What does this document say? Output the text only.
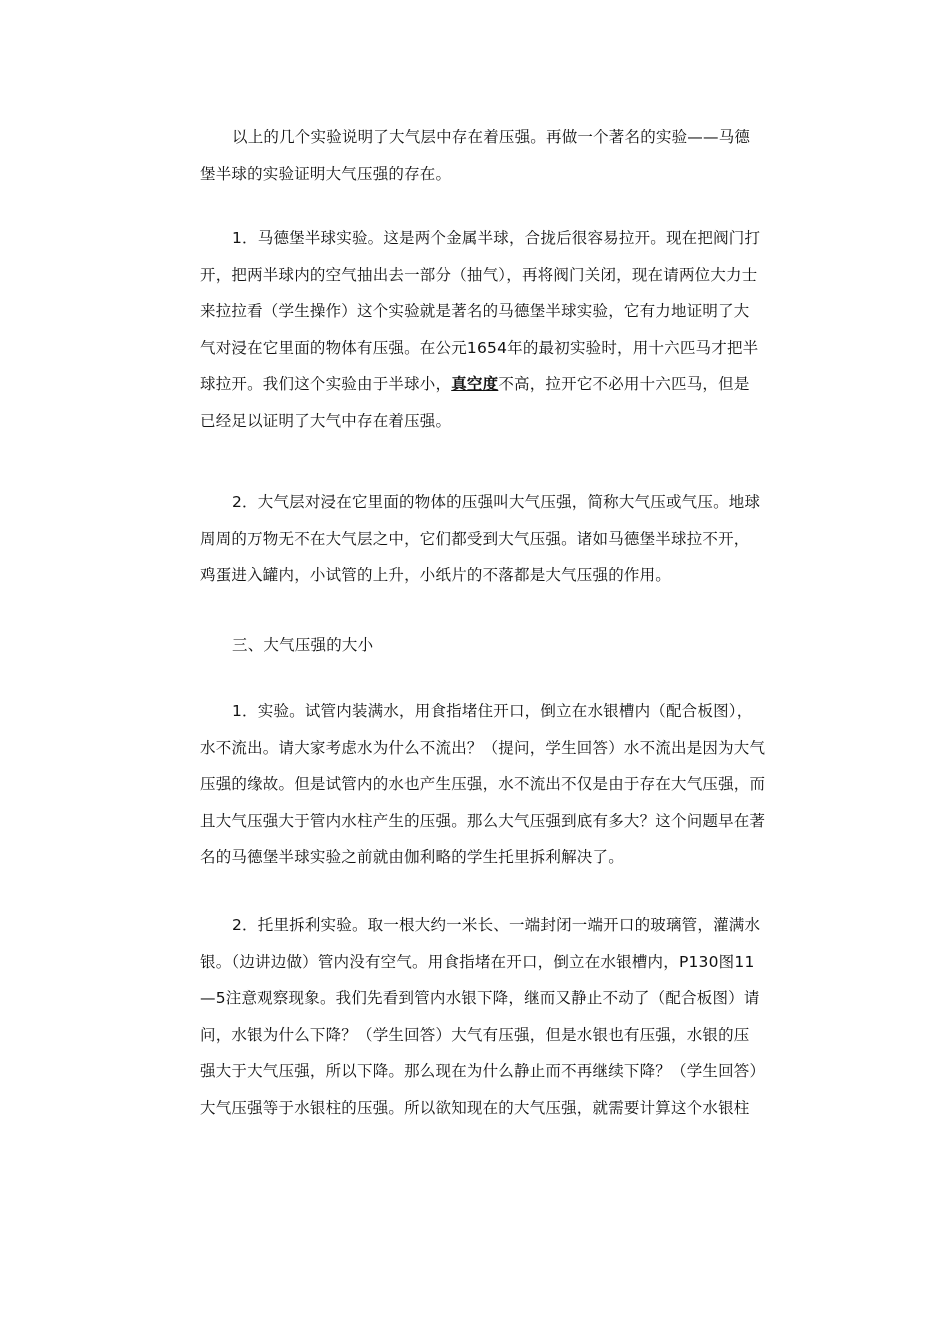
以上的几个实验说明了大气层中存在着压强。再做一个著名的实验——马德
堡半球的实验证明大气压强的存在。
1．马德堡半球实验。这是两个金属半球，合拢后很容易拉开。现在把阀门打
开，把两半球内的空气抽出去一部分（抽气），再将阀门关闭，现在请两位大力士
来拉拉看（学生操作）这个实验就是著名的马德堡半球实验，它有力地证明了大
气对浸在它里面的物体有压强。在公元1654年的最初实验时，用十六匹马才把半
球拉开。我们这个实验由于半球小，真空度不高，拉开它不必用十六匹马，但是
已经足以证明了大气中存在着压强。
2．大气层对浸在它里面的物体的压强叫大气压强，简称大气压或气压。地球
周周的万物无不在大气层之中，它们都受到大气压强。诸如马德堡半球拉不开，
鸡蛋进入罐内，小试管的上升，小纸片的不落都是大气压强的作用。
三、大气压强的大小
1．实验。试管内装满水，用食指堵住开口，倒立在水银槽内（配合板图），
水不流出。请大家考虑水为什么不流出？（提问，学生回答）水不流出是因为大气
压强的缘故。但是试管内的水也产生压强，水不流出不仅是由于存在大气压强，而
且大气压强大于管内水柱产生的压强。那么大气压强到底有多大？这个问题早在著
名的马德堡半球实验之前就由伽利略的学生托里拆利解决了。
2．托里拆利实验。取一根大约一米长、一端封闭一端开口的玻璃管，灌满水
银。（边讲边做）管内没有空气。用食指堵在开口，倒立在水银槽内，P130图11
—5注意观察现象。我们先看到管内水银下降，继而又静止不动了（配合板图）请
问，水银为什么下降？（学生回答）大气有压强，但是水银也有压强，水银的压
强大于大气压强，所以下降。那么现在为什么静止而不再继续下降？（学生回答）
大气压强等于水银柱的压强。所以欲知现在的大气压强，就需要计算这个水银柱
